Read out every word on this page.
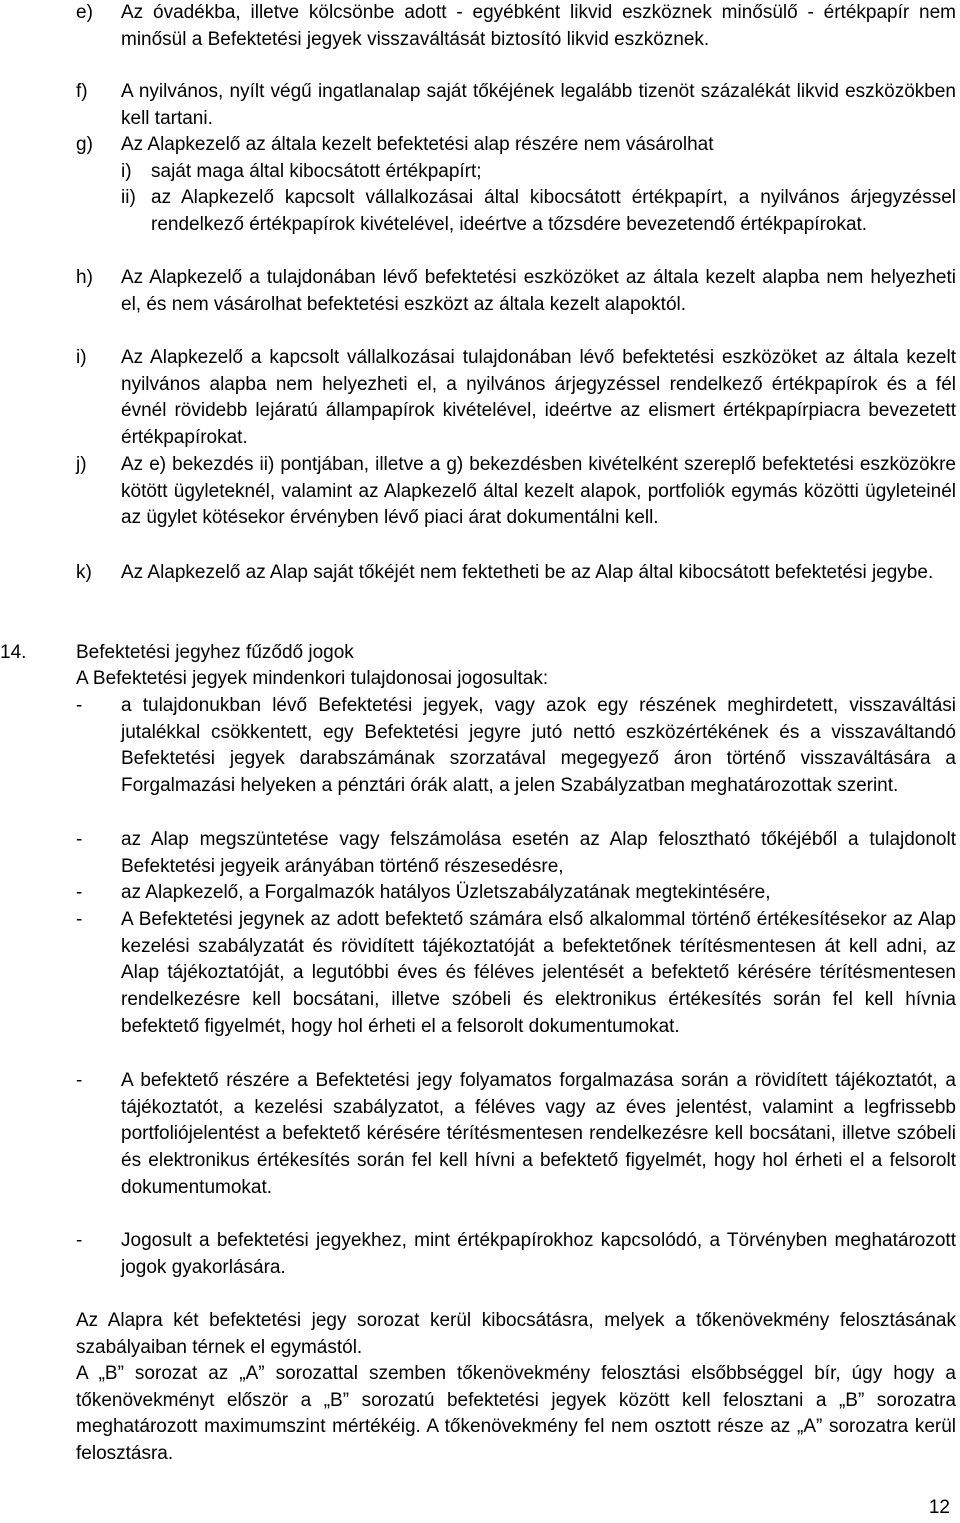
e) Az óvadékba, illetve kölcsönbe adott - egyébként likvid eszköznek minősülő - értékpapír nem minősül a Befektetési jegyek visszaváltását biztosító likvid eszköznek.
f) A nyilvános, nyílt végű ingatlanalap saját tőkéjének legalább tizenöt százalékát likvid eszközökben kell tartani.
g) Az Alapkezelő az általa kezelt befektetési alap részére nem vásárolhat
i) saját maga által kibocsátott értékpapírt;
ii) az Alapkezelő kapcsolt vállalkozásai által kibocsátott értékpapírt, a nyilvános árjegyzéssel rendelkező értékpapírok kivételével, ideértve a tőzsdére bevezetendő értékpapírokat.
h) Az Alapkezelő a tulajdonában lévő befektetési eszközöket az általa kezelt alapba nem helyezheti el, és nem vásárolhat befektetési eszközt az általa kezelt alapoktól.
i) Az Alapkezelő a kapcsolt vállalkozásai tulajdonában lévő befektetési eszközöket az általa kezelt nyilvános alapba nem helyezheti el, a nyilvános árjegyzéssel rendelkező értékpapírok és a fél évnél rövidebb lejáratú állampapírok kivételével, ideértve az elismert értékpapírpiacra bevezetett értékpapírokat.
j) Az e) bekezdés ii) pontjában, illetve a g) bekezdésben kivételként szereplő befektetési eszközökre kötött ügyleteknél, valamint az Alapkezelő által kezelt alapok, portfoliók egymás közötti ügyleteinél az ügylet kötésekor érvényben lévő piaci árat dokumentálni kell.
k) Az Alapkezelő az Alap saját tőkéjét nem fektetheti be az Alap által kibocsátott befektetési jegybe.
14.	Befektetési jegyhez fűződő jogok
A Befektetési jegyek mindenkori tulajdonosai jogosultak:
- a tulajdonukban lévő Befektetési jegyek, vagy azok egy részének meghirdetett, visszaváltási jutalékkal csökkentett, egy Befektetési jegyre jutó nettó eszközértékének és a visszaváltandó Befektetési jegyek darabszámának szorzatával megegyező áron történő visszaváltására a Forgalmazási helyeken a pénztári órák alatt, a jelen Szabályzatban meghatározottak szerint.
- az Alap megszüntetése vagy felszámolása esetén az Alap felosztható tőkéjéből a tulajdonolt Befektetési jegyeik arányában történő részesedésre,
- az Alapkezelő, a Forgalmazók hatályos Üzletszabályzatának megtekintésére,
- A Befektetési jegynek az adott befektető számára első alkalommal történő értékesítésekor az Alap kezelési szabályzatát és rövidített tájékoztatóját a befektetőnek térítésmentesen át kell adni, az Alap tájékoztatóját, a legutóbbi éves és féléves jelentését a befektető kérésére térítésmentesen rendelkezésre kell bocsátani, illetve szóbeli és elektronikus értékesítés során fel kell hívnia befektető figyelmét, hogy hol érheti el a felsorolt dokumentumokat.
- A befektető részére a Befektetési jegy folyamatos forgalmazása során a rövidített tájékoztatót, a tájékoztatót, a kezelési szabályzatot, a féléves vagy az éves jelentést, valamint a legfrissebb portfoliójelentést a befektető kérésére térítésmentesen rendelkezésre kell bocsátani, illetve szóbeli és elektronikus értékesítés során fel kell hívni a befektető figyelmét, hogy hol érheti el a felsorolt dokumentumokat.
- Jogosult a befektetési jegyekhez, mint értékpapírokhoz kapcsolódó, a Törvényben meghatározott jogok gyakorlására.
Az Alapra két befektetési jegy sorozat kerül kibocsátásra, melyek a tőkenövekmény felosztásának szabályaiban térnek el egymástól.
A „B” sorozat az „A” sorozattal szemben tőkenövekmény felosztási elsőbbséggel bír, úgy hogy a tőkenövekményt először a „B” sorozatú befektetési jegyek között kell felosztani a „B” sorozatra meghatározott maximumszint mértékéig. A tőkenövekmény fel nem osztott része az „A” sorozatra kerül felosztásra.
12
